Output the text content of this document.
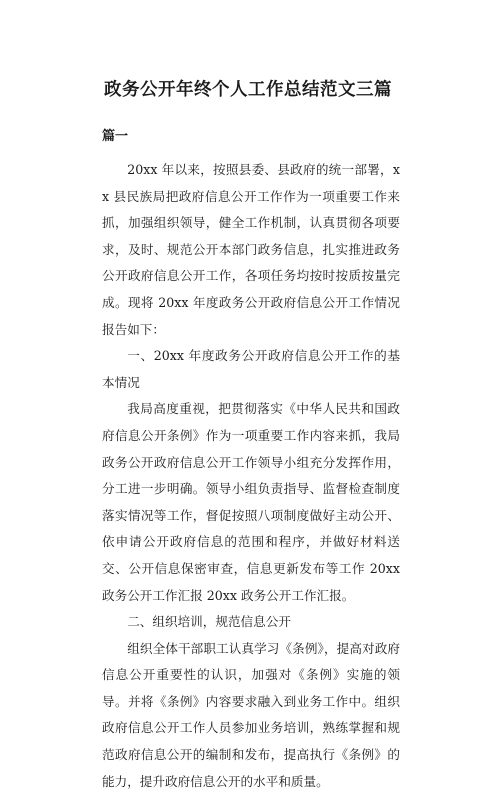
政务公开年终个人工作总结范文三篇
篇一

20xx 年以来，按照县委、县政府的统一部署，xx 县民族局把政府信息公开工作作为一项重要工作来抓，加强组织领导，健全工作机制，认真贯彻各项要求，及时、规范公开本部门政务信息，扎实推进政务公开政府信息公开工作，各项任务均按时按质按量完成。现将 20xx 年度政务公开政府信息公开工作情况报告如下：

一、20xx 年度政务公开政府信息公开工作的基本情况

我局高度重视，把贯彻落实《中华人民共和国政府信息公开条例》作为一项重要工作内容来抓，我局政务公开政府信息公开工作领导小组充分发挥作用，分工进一步明确。领导小组负责指导、监督检查制度落实情况等工作，督促按照八项制度做好主动公开、依申请公开政府信息的范围和程序，并做好材料送交、公开信息保密审查，信息更新发布等工作 20xx 政务公开工作汇报 20xx 政务公开工作汇报。

二、组织培训，规范信息公开

组织全体干部职工认真学习《条例》，提高对政府信息公开重要性的认识，加强对《条例》实施的领导。并将《条例》内容要求融入到业务工作中。组织政府信息公开工作人员参加业务培训，熟练掌握和规范政府信息公开的编制和发布，提高执行《条例》的能力，提升政府信息公开的水平和质量。
